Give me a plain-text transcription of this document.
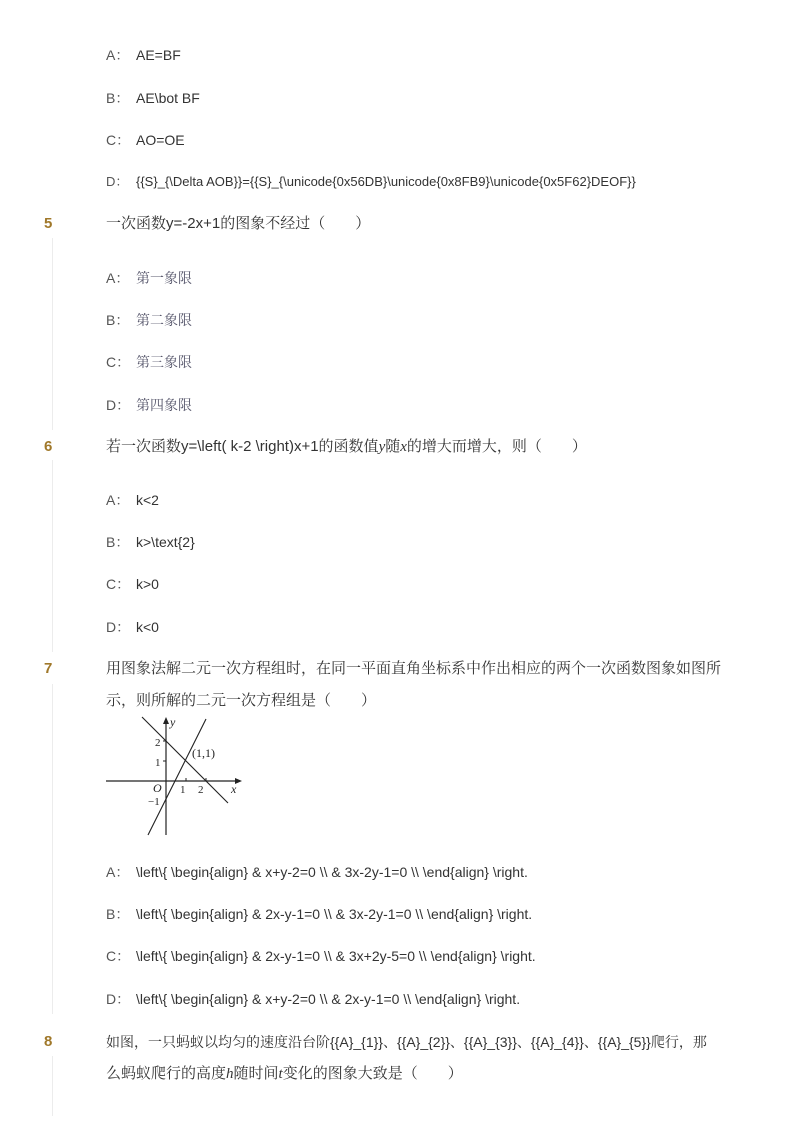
A： AE=BF
B： AE\bot BF
C： AO=OE
D： {{S}_{\Delta AOB}}={{S}_{\unicode{0x56DB}\unicode{0x8FB9}\unicode{0x5F62}DEOF}}
5	一次函数y=-2x+1的图象不经过（　　）
A： 第一象限
B： 第二象限
C： 第三象限
D： 第四象限
6	若一次函数y=\left( k-2 \right)x+1的函数值y随x的增大而增大，则（　　）
A： k<2
B： k>\text{2}
C： k>0
D： k<0
7	用图象法解二元一次方程组时，在同一平面直角坐标系中作出相应的两个一次函数图象如图所
示，则所解的二元一次方程组是（　　）
y
x
O
2
1
−1
1 2
(1,1)
A： \left\{ \begin{align} & x+y-2=0 \\ & 3x-2y-1=0 \\ \end{align} \right.
B： \left\{ \begin{align} & 2x-y-1=0 \\ & 3x-2y-1=0 \\ \end{align} \right.
C： \left\{ \begin{align} & 2x-y-1=0 \\ & 3x+2y-5=0 \\ \end{align} \right.
D： \left\{ \begin{align} & x+y-2=0 \\ & 2x-y-1=0 \\ \end{align} \right.
8	如图，一只蚂蚁以均匀的速度沿台阶{{A}_{1}}、{{A}_{2}}、{{A}_{3}}、{{A}_{4}}、{{A}_{5}}爬行，那
么蚂蚁爬行的高度h随时间t变化的图象大致是（　　）
